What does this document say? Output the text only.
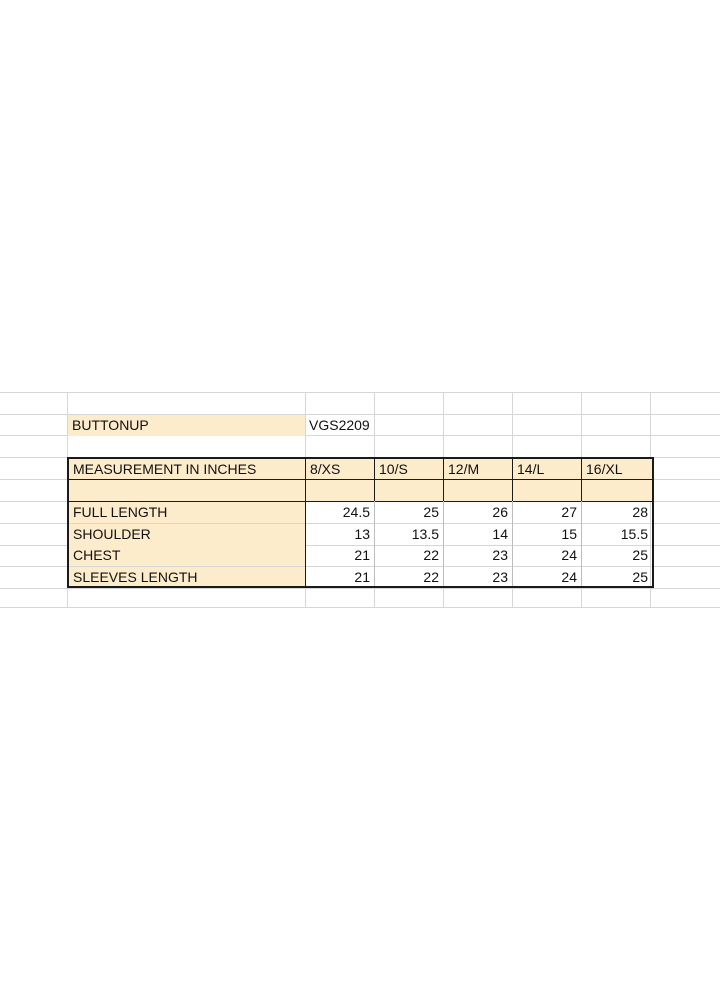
BUTTONUP	VGS2209
MEASUREMENT IN INCHES	8/XS	10/S	12/M	14/L	16/XL
FULL LENGTH	24.5	25	26	27	28
SHOULDER	13	13.5	14	15	15.5
CHEST	21	22	23	24	25
SLEEVES LENGTH	21	22	23	24	25
